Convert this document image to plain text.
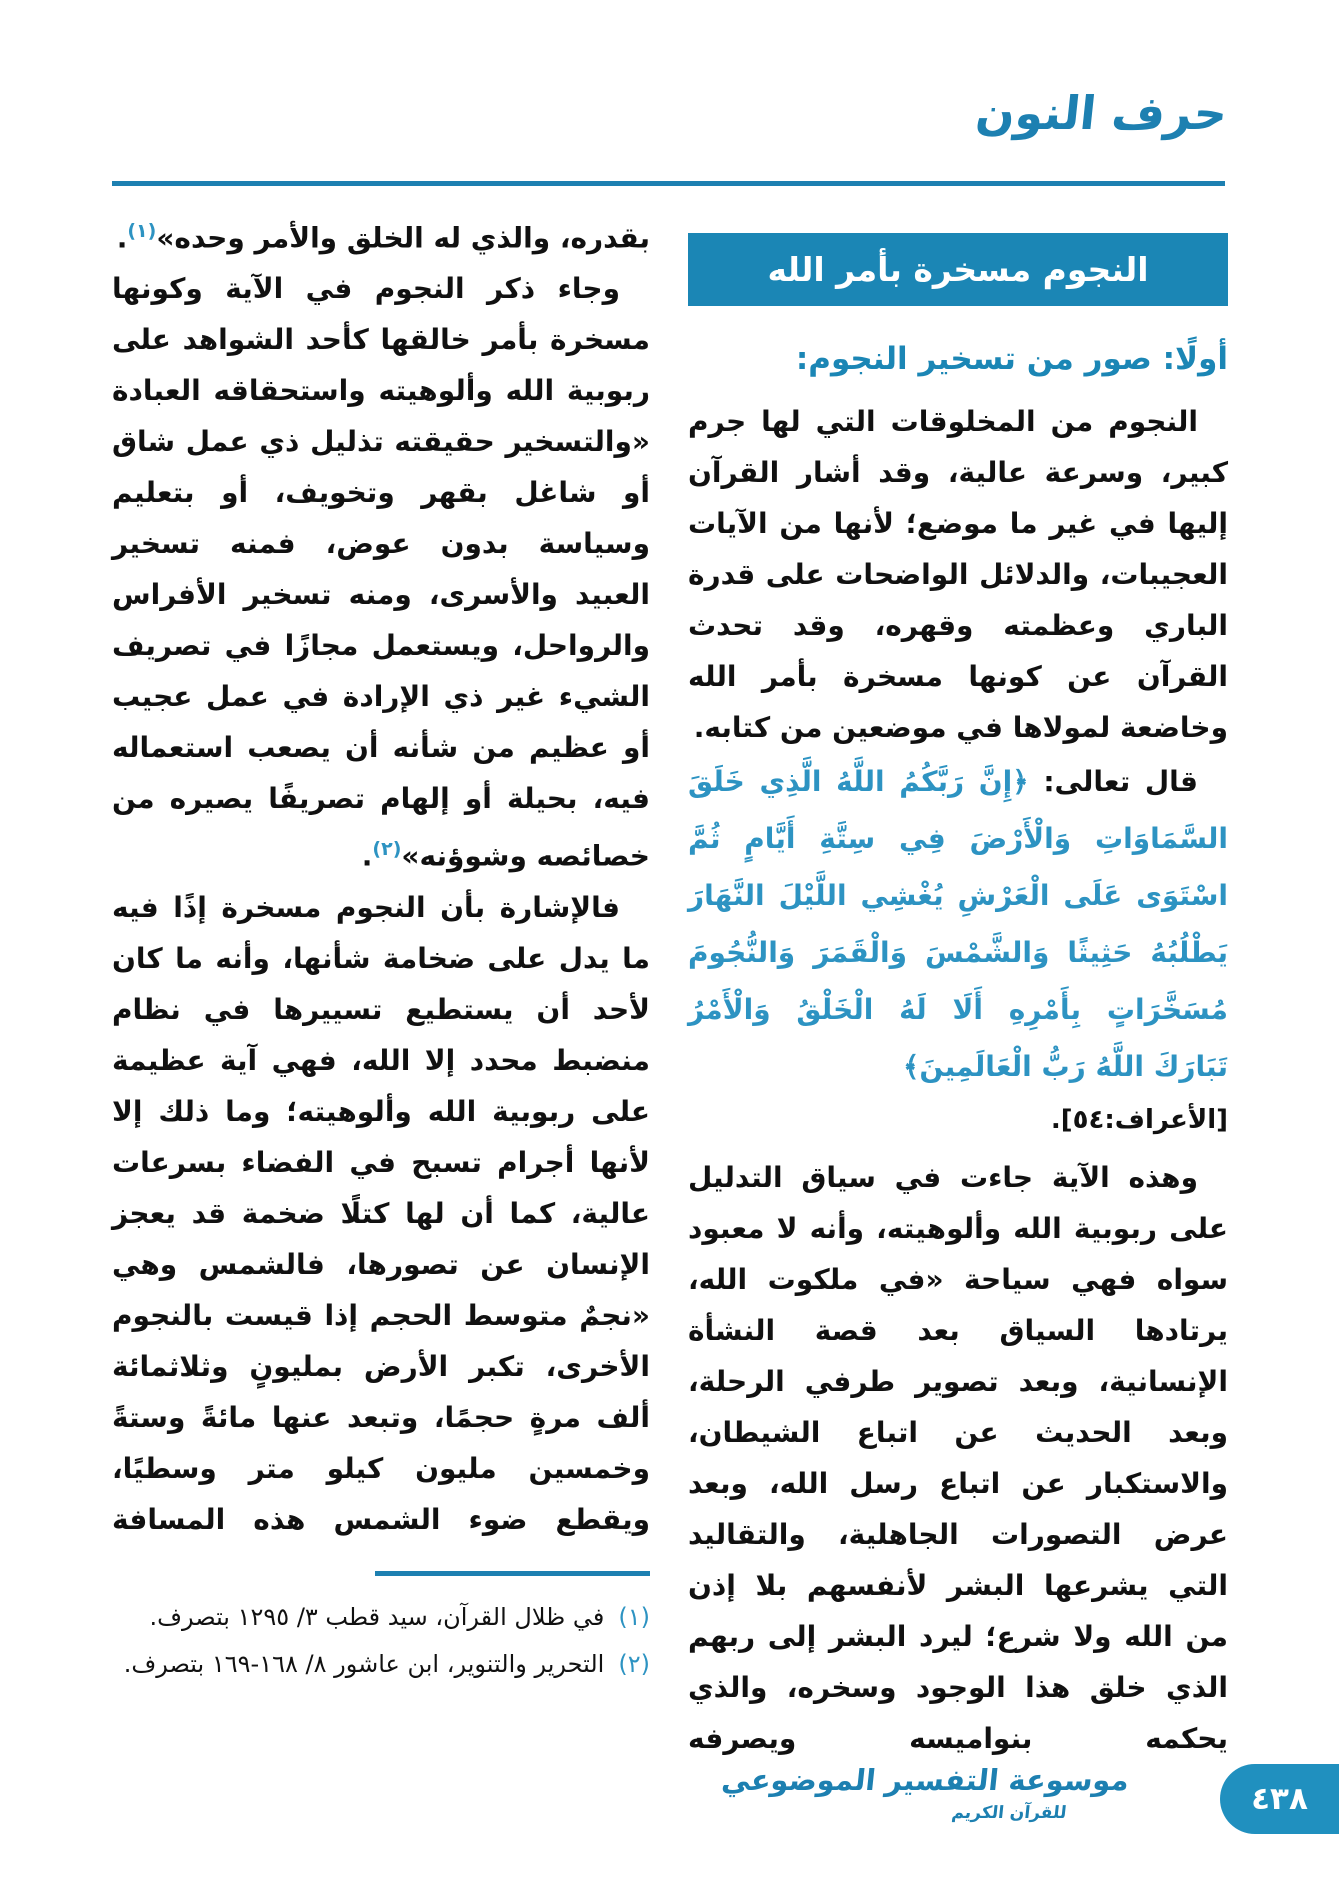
حرف النون
النجوم مسخرة بأمر الله
أولًا: صور من تسخير النجوم:

النجوم من المخلوقات التي لها جرم كبير، وسرعة عالية، وقد أشار القرآن إليها في غير ما موضع؛ لأنها من الآيات العجيبات، والدلائل الواضحات على قدرة الباري وعظمته وقهره، وقد تحدث القرآن عن كونها مسخرة بأمر الله وخاضعة لمولاها في موضعين من كتابه.

قال تعالى: ﴿إِنَّ رَبَّكُمُ اللَّهُ الَّذِي خَلَقَ السَّمَاوَاتِ وَالْأَرْضَ فِي سِتَّةِ أَيَّامٍ ثُمَّ اسْتَوَى عَلَى الْعَرْشِ يُغْشِي اللَّيْلَ النَّهَارَ يَطْلُبُهُ حَثِيثًا وَالشَّمْسَ وَالْقَمَرَ وَالنُّجُومَ مُسَخَّرَاتٍ بِأَمْرِهِ أَلَا لَهُ الْخَلْقُ وَالْأَمْرُ تَبَارَكَ اللَّهُ رَبُّ الْعَالَمِينَ﴾

[الأعراف:٥٤].

وهذه الآية جاءت في سياق التدليل على ربوبية الله وألوهيته، وأنه لا معبود سواه فهي سياحة «في ملكوت الله، يرتادها السياق بعد قصة النشأة الإنسانية، وبعد تصوير طرفي الرحلة، وبعد الحديث عن اتباع الشيطان، والاستكبار عن اتباع رسل الله، وبعد عرض التصورات الجاهلية، والتقاليد التي يشرعها البشر لأنفسهم بلا إذن من الله ولا شرع؛ ليرد البشر إلى ربهم الذي خلق هذا الوجود وسخره، والذي يحكمه بنواميسه ويصرفه

بقدره، والذي له الخلق والأمر وحده»$^{(١)}$.

وجاء ذكر النجوم في الآية وكونها مسخرة بأمر خالقها كأحد الشواهد على ربوبية الله وألوهيته واستحقاقه العبادة «والتسخير حقيقته تذليل ذي عمل شاق أو شاغل بقهر وتخويف، أو بتعليم وسياسة بدون عوض، فمنه تسخير العبيد والأسرى، ومنه تسخير الأفراس والرواحل، ويستعمل مجازًا في تصريف الشيء غير ذي الإرادة في عمل عجيب أو عظيم من شأنه أن يصعب استعماله فيه، بحيلة أو إلهام تصريفًا يصيره من خصائصه وشوؤنه»$^{(٢)}$.

فالإشارة بأن النجوم مسخرة إذًا فيه ما يدل على ضخامة شأنها، وأنه ما كان لأحد أن يستطيع تسييرها في نظام منضبط محدد إلا الله، فهي آية عظيمة على ربوبية الله وألوهيته؛ وما ذلك إلا لأنها أجرام تسبح في الفضاء بسرعات عالية، كما أن لها كتلًا ضخمة قد يعجز الإنسان عن تصورها، فالشمس وهي «نجمٌ متوسط الحجم إذا قيست بالنجوم الأخرى، تكبر الأرض بمليونٍ وثلاثمائة ألف مرةٍ حجمًا، وتبعد عنها مائةً وستةً وخمسين مليون كيلو متر وسطيًا، ويقطع ضوء الشمس هذه المسافة

(١)في ظلال القرآن، سيد قطب ٣/ ١٢٩٥ بتصرف.

(٢)التحرير والتنوير، ابن عاشور ٨/ ١٦٨-١٦٩ بتصرف.

موسوعة التفسير الموضوعي
للقرآن الكريم	٤٣٨
